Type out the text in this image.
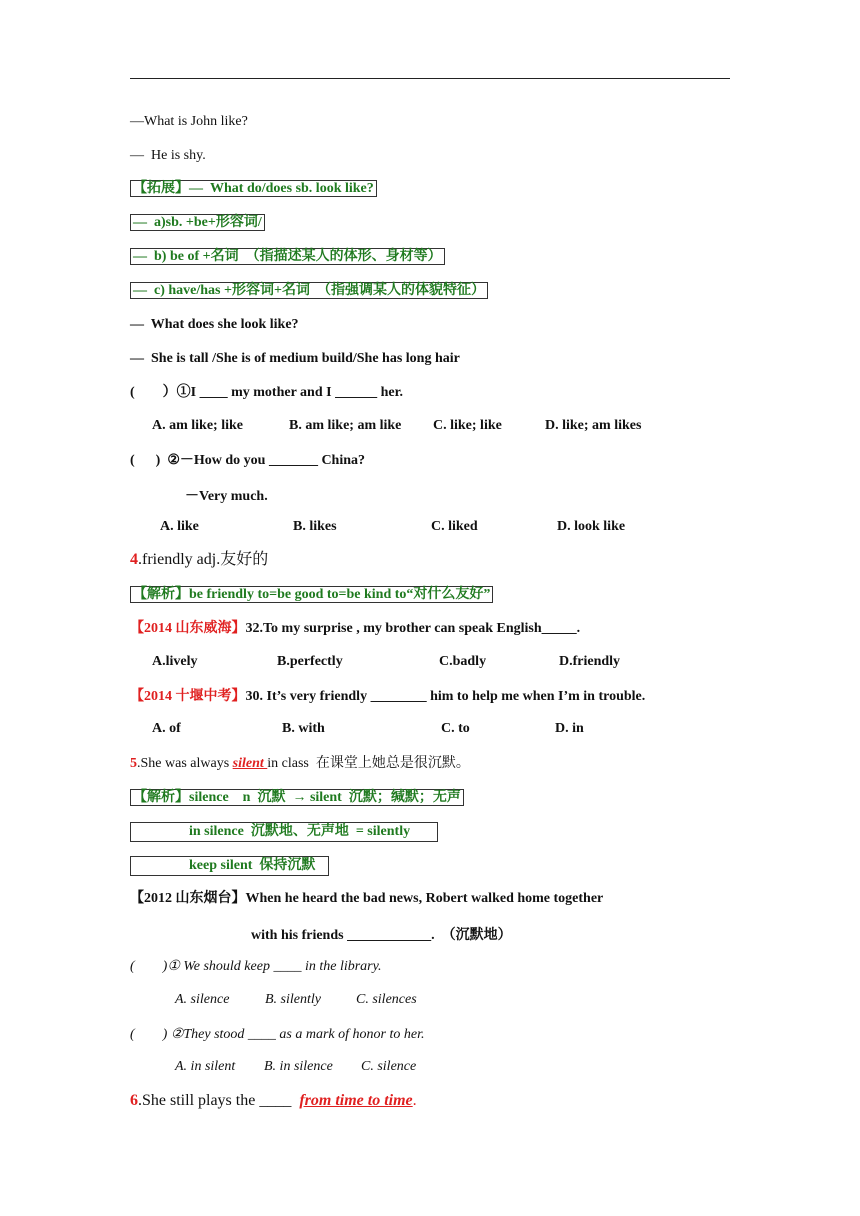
—What is John like?
—  He is shy.
【拓展】—  What do/does sb. look like?
—  a)sb. +be+形容词/
—  b) be of +名词  （指描述某人的体形、身材等）
—  c) have/has +形容词+名词  （指强调某人的体貌特征）
—  What does she look like?
—  She is tall /She is of medium build/She has long hair
(        ）①I ____ my mother and I ______ her.
A. am like; like	B. am like; am like C. like; like	D. like; am likes
(      )  ②－How do you _______ China?
－Very much.
A. like	B. likes	C. liked	D. look like
4.friendly adj.友好的
【解析】be friendly to=be good to=be kind to“对什么友好”
【2014 山东威海】32.To my surprise , my brother can speak English_____.
A.lively	B.perfectly	C.badly	D.friendly
【2014 十堰中考】30. It’s very friendly ________ him to help me when I’m in trouble.
A. of	B. with	C. to	D. in
5.She was always silent in class  在课堂上她总是很沉默。
【解析】silence    n  沉默  → silent  沉默；缄默；无声
in silence  沉默地、无声地  = silently
keep silent  保持沉默
【2012 山东烟台】When he heard the bad news, Robert walked home together
with his friends ____________.  （沉默地）
(        )① We should keep ____ in the library.
A. silence	B. silently	C. silences
(        ) ②They stood ____ as a mark of honor to her.
A. in silent B. in silence C. silence
6.She still plays the ____  from time to time.
